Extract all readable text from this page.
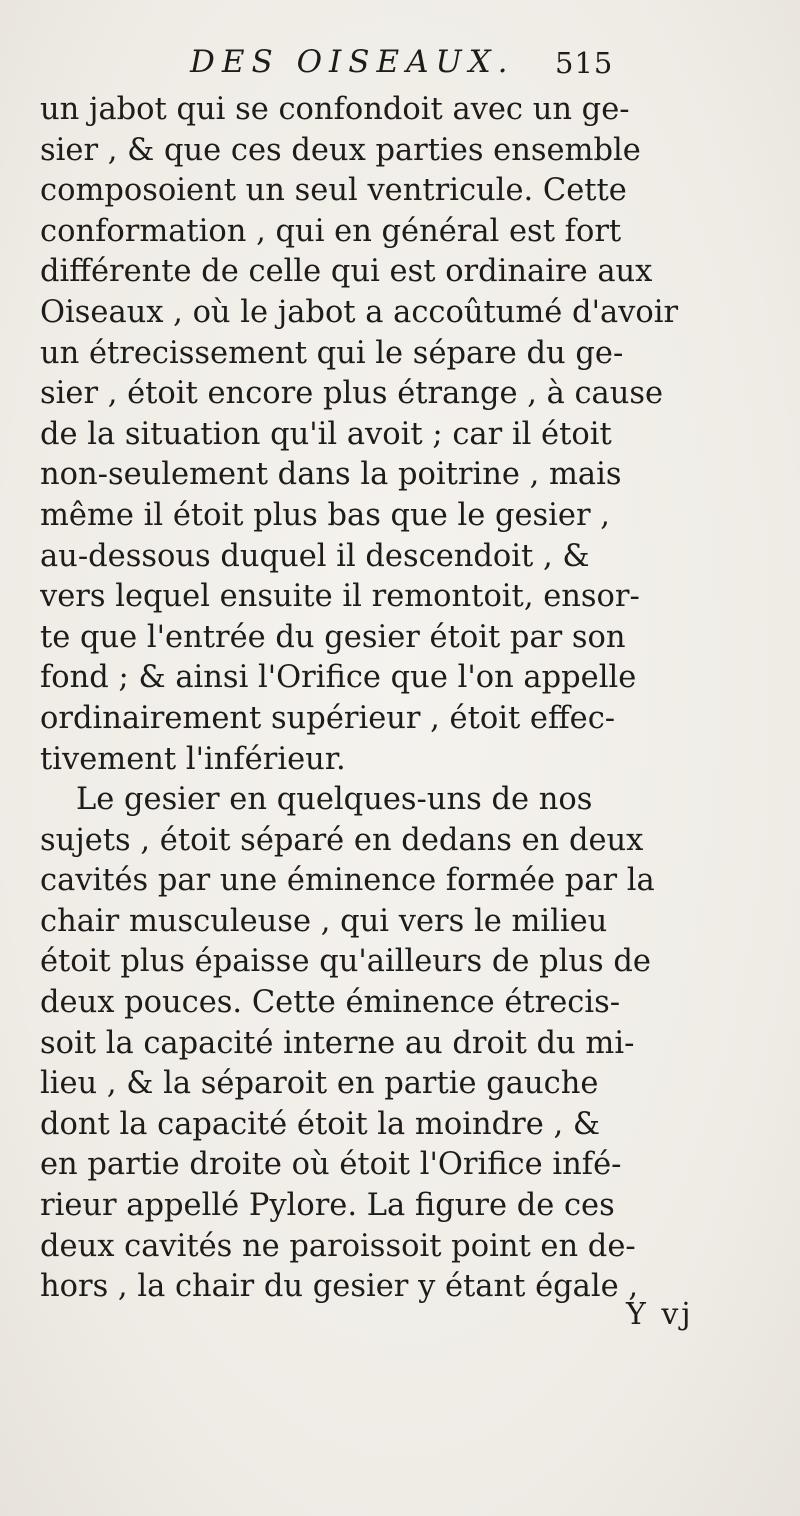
DES OISEAUX. 515
un jabot qui se confondoit avec un ge-
sier , & que ces deux parties ensemble
composoient un seul ventricule. Cette
conformation , qui en général est fort
différente de celle qui est ordinaire aux
Oiseaux , où le jabot a accoûtumé d'avoir
un étrecissement qui le sépare du ge-
sier , étoit encore plus étrange , à cause
de la situation qu'il avoit ; car il étoit
non-seulement dans la poitrine , mais
même il étoit plus bas que le gesier ,
au-dessous duquel il descendoit , &
vers lequel ensuite il remontoit, ensor-
te que l'entrée du gesier étoit par son
fond ; & ainsi l'Orifice que l'on appelle
ordinairement supérieur , étoit effec-
tivement l'inférieur.
Le gesier en quelques-uns de nos
sujets , étoit séparé en dedans en deux
cavités par une éminence formée par la
chair musculeuse , qui vers le milieu
étoit plus épaisse qu'ailleurs de plus de
deux pouces. Cette éminence étrecis-
soit la capacité interne au droit du mi-
lieu , & la séparoit en partie gauche
dont la capacité étoit la moindre , &
en partie droite où étoit l'Orifice infé-
rieur appellé Pylore. La figure de ces
deux cavités ne paroissoit point en de-
hors , la chair du gesier y étant égale ,
Y vj
